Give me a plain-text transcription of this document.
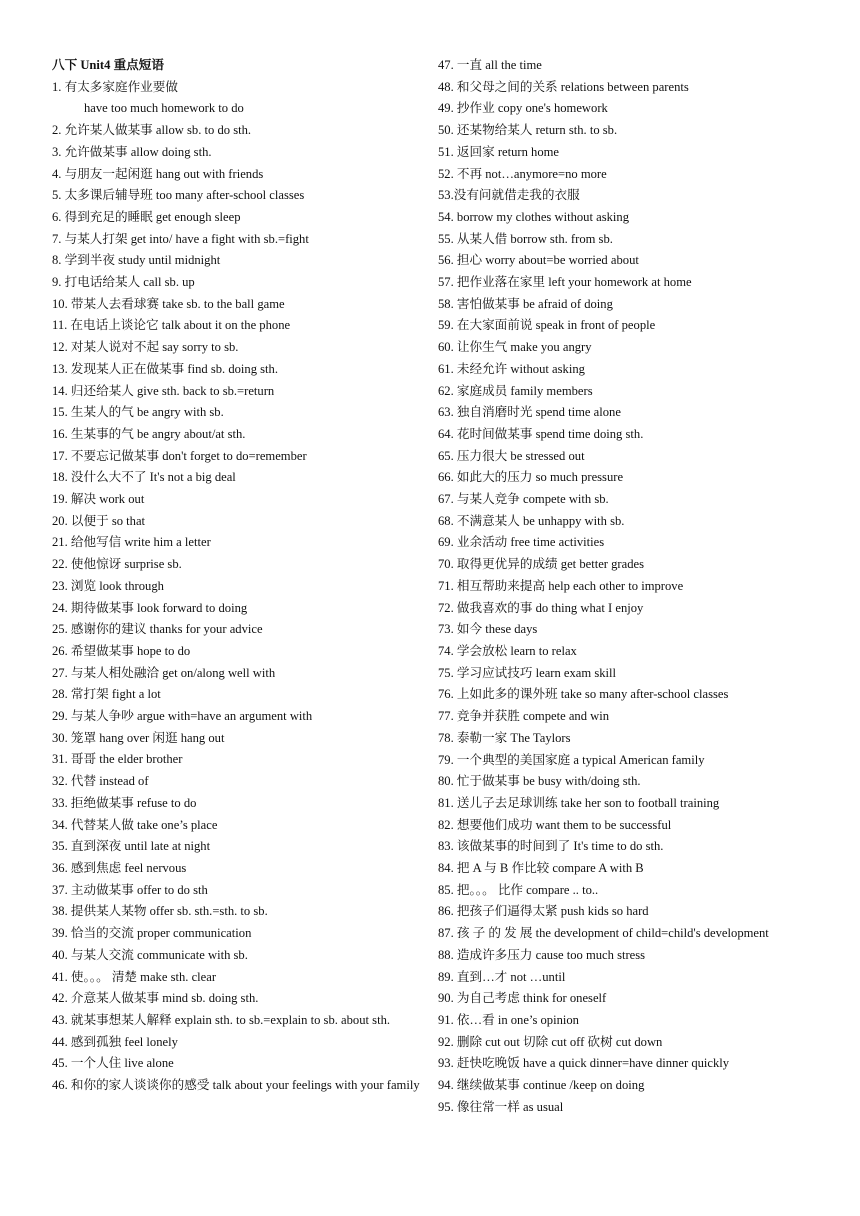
八下 Unit4 重点短语
1. 有太多家庭作业要做
have too much homework to do
2. 允许某人做某事 allow sb. to do sth.
3. 允许做某事 allow doing sth.
4. 与朋友一起闲逛 hang out with friends
5. 太多课后辅导班 too many after-school classes
6. 得到充足的睡眠 get enough sleep
7. 与某人打架 get into/ have a fight with sb.=fight
8. 学到半夜 study until midnight
9. 打电话给某人 call sb. up
10. 带某人去看球赛 take sb. to the ball game
11. 在电话上谈论它 talk about it on the phone
12. 对某人说对不起 say sorry to sb.
13. 发现某人正在做某事 find sb. doing sth.
14. 归还给某人 give sth. back to sb.=return
15. 生某人的气 be angry with sb.
16. 生某事的气 be angry about/at sth.
17. 不要忘记做某事 don't forget to do=remember
18. 没什么大不了 It's not a big deal
19. 解决 work out
20. 以便于 so that
21. 给他写信 write him a letter
22. 使他惊讶 surprise sb.
23. 浏览 look through
24. 期待做某事 look forward to doing
25. 感谢你的建议 thanks for your advice
26. 希望做某事 hope to do
27. 与某人相处融洽 get on/along well with
28. 常打架 fight a lot
29. 与某人争吵 argue with=have an argument with
30. 笼罩 hang over 闲逛 hang out
31. 哥哥 the elder brother
32. 代替 instead of
33. 拒绝做某事 refuse to do
34. 代替某人做 take one’s place
35. 直到深夜 until late at night
36. 感到焦虑 feel nervous
37. 主动做某事 offer to do sth
38. 提供某人某物 offer sb. sth.=sth. to sb.
39. 恰当的交流 proper communication
40. 与某人交流 communicate with sb.
41. 使。。。 清楚 make sth. clear
42. 介意某人做某事 mind sb. doing sth.
43. 就某事想某人解释 explain sth. to sb.=explain to sb. about sth.
44. 感到孤独 feel lonely
45. 一个人住 live alone
46. 和你的家人谈谈你的感受 talk about your feelings with your family
47. 一直 all the time
48. 和父母之间的关系 relations between parents
49. 抄作业 copy one's homework
50. 还某物给某人 return sth. to sb.
51. 返回家 return home
52. 不再 not…anymore=no more
53.没有问就借走我的衣服
54. borrow my clothes without asking
55. 从某人借 borrow sth. from sb.
56. 担心 worry about=be worried about
57. 把作业落在家里 left your homework at home
58. 害怕做某事 be afraid of doing
59. 在大家面前说 speak in front of people
60. 让你生气 make you angry
61. 未经允许 without asking
62. 家庭成员 family members
63. 独自消磨时光 spend time alone
64. 花时间做某事 spend time doing sth.
65. 压力很大 be stressed out
66. 如此大的压力 so much pressure
67. 与某人竞争 compete with sb.
68. 不满意某人 be unhappy with sb.
69. 业余活动 free time activities
70. 取得更优异的成绩 get better grades
71. 相互帮助来提高 help each other to improve
72. 做我喜欢的事 do thing what I enjoy
73. 如今 these days
74. 学会放松 learn to relax
75. 学习应试技巧 learn exam skill
76. 上如此多的课外班 take so many after-school classes
77. 竞争并获胜 compete and win
78. 泰勒一家 The Taylors
79. 一个典型的美国家庭 a typical American family
80. 忙于做某事 be busy with/doing sth.
81. 送儿子去足球训练 take her son to football training
82. 想要他们成功 want them to be successful
83. 该做某事的时间到了 It's time to do sth.
84. 把 A 与 B 作比较 compare A with B
85. 把。。。 比作 compare .. to..
86. 把孩子们逼得太紧 push kids so hard
87. 孩 子 的 发 展 the development of child=child's development
88. 造成许多压力 cause too much stress
89. 直到…才 not …until
90. 为自己考虑 think for oneself
91. 依…看 in one’s opinion
92. 删除 cut out 切除 cut off 砍树 cut down
93. 赶快吃晚饭 have a quick dinner=have dinner quickly
94. 继续做某事 continue /keep on doing
95. 像往常一样 as usual
